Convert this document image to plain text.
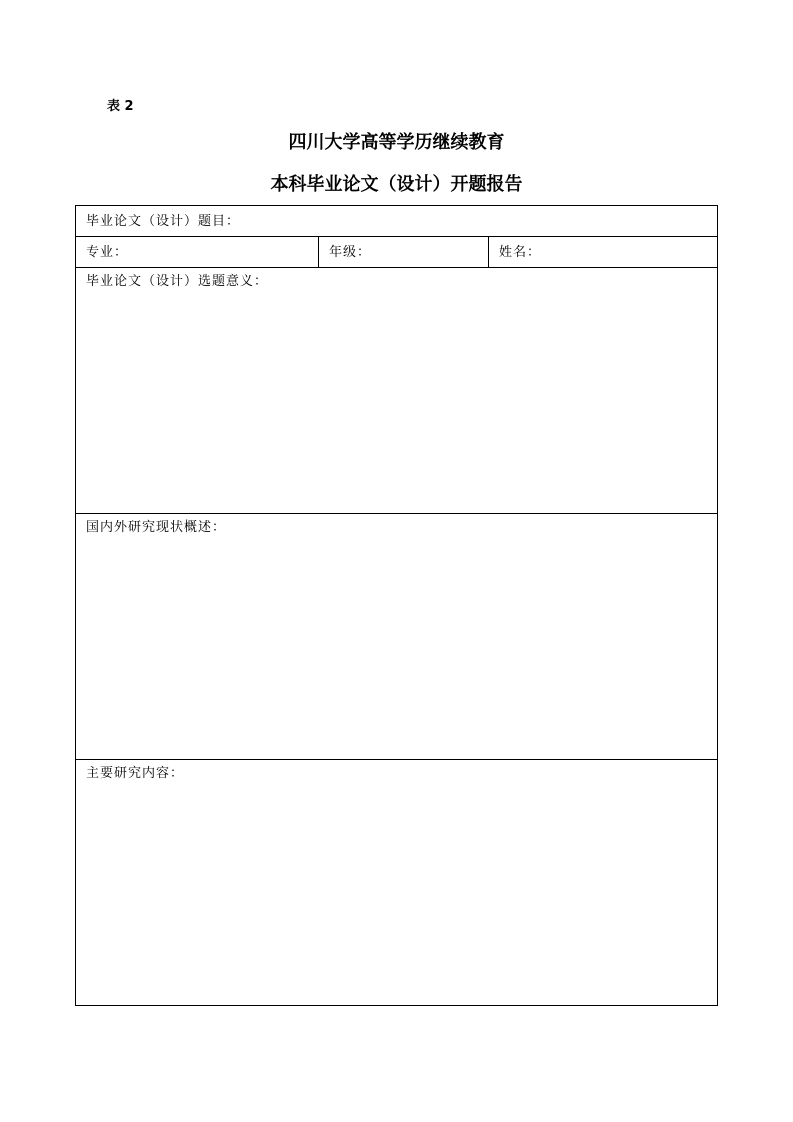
表 2
四川大学高等学历继续教育
本科毕业论文（设计）开题报告
毕业论文（设计）题目：
专业：	年级：	姓名：
毕业论文（设计）选题意义：
国内外研究现状概述：
主要研究内容：
